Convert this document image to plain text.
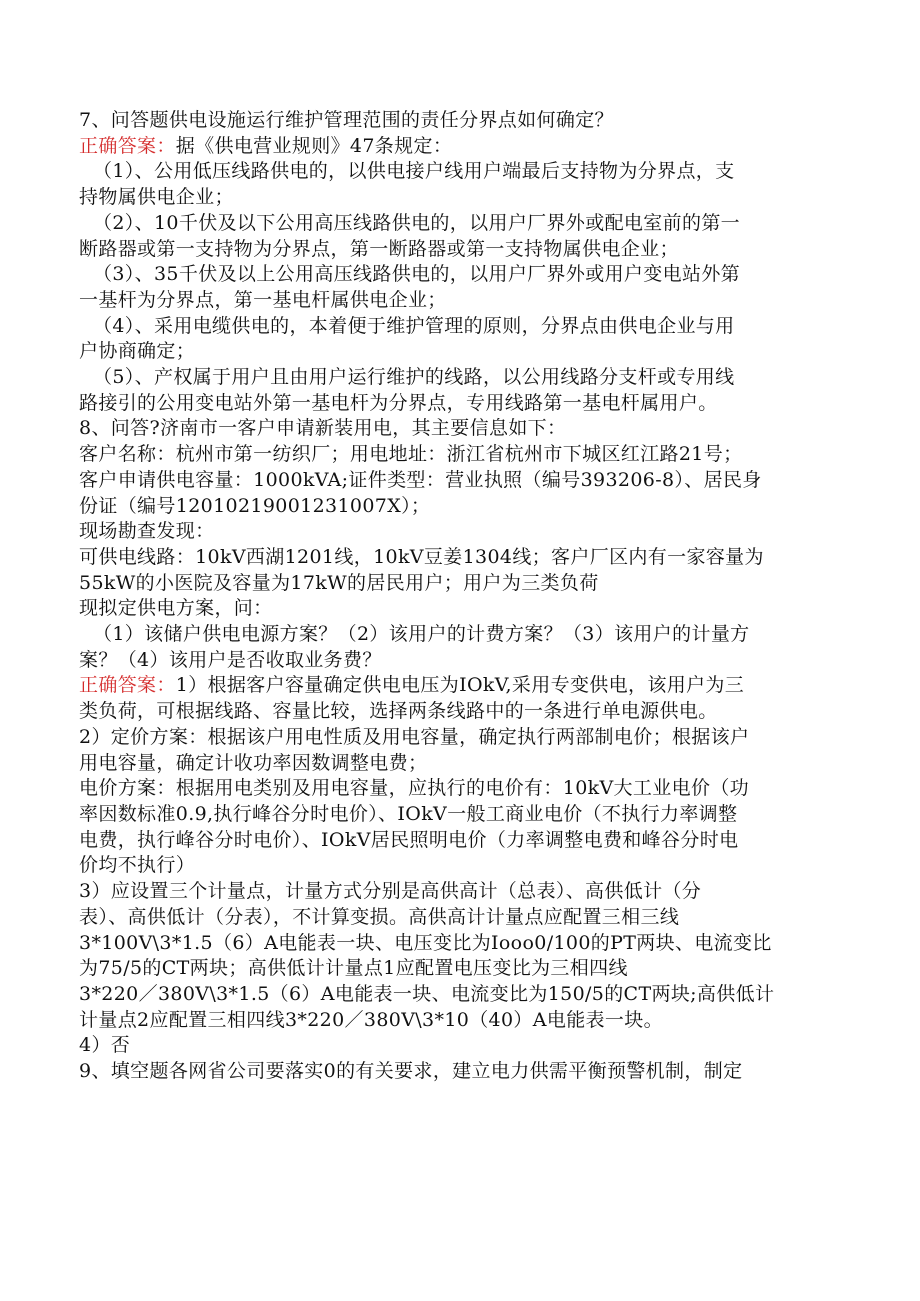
7、问答题供电设施运行维护管理范围的责任分界点如何确定？
正确答案：据《供电营业规则》47条规定：
（1）、公用低压线路供电的，以供电接户线用户端最后支持物为分界点，支
持物属供电企业；
（2）、10千伏及以下公用高压线路供电的，以用户厂界外或配电室前的第一
断路器或第一支持物为分界点，第一断路器或第一支持物属供电企业；
（3）、35千伏及以上公用高压线路供电的，以用户厂界外或用户变电站外第
一基杆为分界点，第一基电杆属供电企业；
（4）、采用电缆供电的，本着便于维护管理的原则，分界点由供电企业与用
户协商确定；
（5）、产权属于用户且由用户运行维护的线路，以公用线路分支杆或专用线
路接引的公用变电站外第一基电杆为分界点，专用线路第一基电杆属用户。
8、问答?济南市一客户申请新装用电，其主要信息如下：
客户名称：杭州市第一纺织厂；用电地址：浙江省杭州市下城区红江路21号；
客户申请供电容量：1000kVA;证件类型：营业执照（编号393206-8）、居民身
份证（编号12010219001231007X）；
现场勘查发现：
可供电线路：10kV西湖1201线，10kV豆姜1304线；客户厂区内有一家容量为
55kW的小医院及容量为17kW的居民用户；用户为三类负荷
现拟定供电方案，问：
（1）该储户供电电源方案？（2）该用户的计费方案？（3）该用户的计量方
案？（4）该用户是否收取业务费？
正确答案：1）根据客户容量确定供电电压为IOkV,采用专变供电，该用户为三
类负荷，可根据线路、容量比较，选择两条线路中的一条进行单电源供电。
2）定价方案：根据该户用电性质及用电容量，确定执行两部制电价；根据该户
用电容量，确定计收功率因数调整电费；
电价方案：根据用电类别及用电容量，应执行的电价有：10kV大工业电价（功
率因数标准0.9,执行峰谷分时电价）、IOkV一般工商业电价（不执行力率调整
电费，执行峰谷分时电价）、IOkV居民照明电价（力率调整电费和峰谷分时电
价均不执行）
3）应设置三个计量点，计量方式分别是高供高计（总表）、高供低计（分
表）、高供低计（分表），不计算变损。高供高计计量点应配置三相三线
3*100V\3*1.5（6）A电能表一块、电压变比为Iooo0/100的PT两块、电流变比
为75/5的CT两块；高供低计计量点1应配置电压变比为三相四线
3*220／380V\3*1.5（6）A电能表一块、电流变比为150/5的CT两块;高供低计
计量点2应配置三相四线3*220／380V\3*10（40）A电能表一块。
4）否
9、填空题各网省公司要落实0的有关要求，建立电力供需平衡预警机制，制定
